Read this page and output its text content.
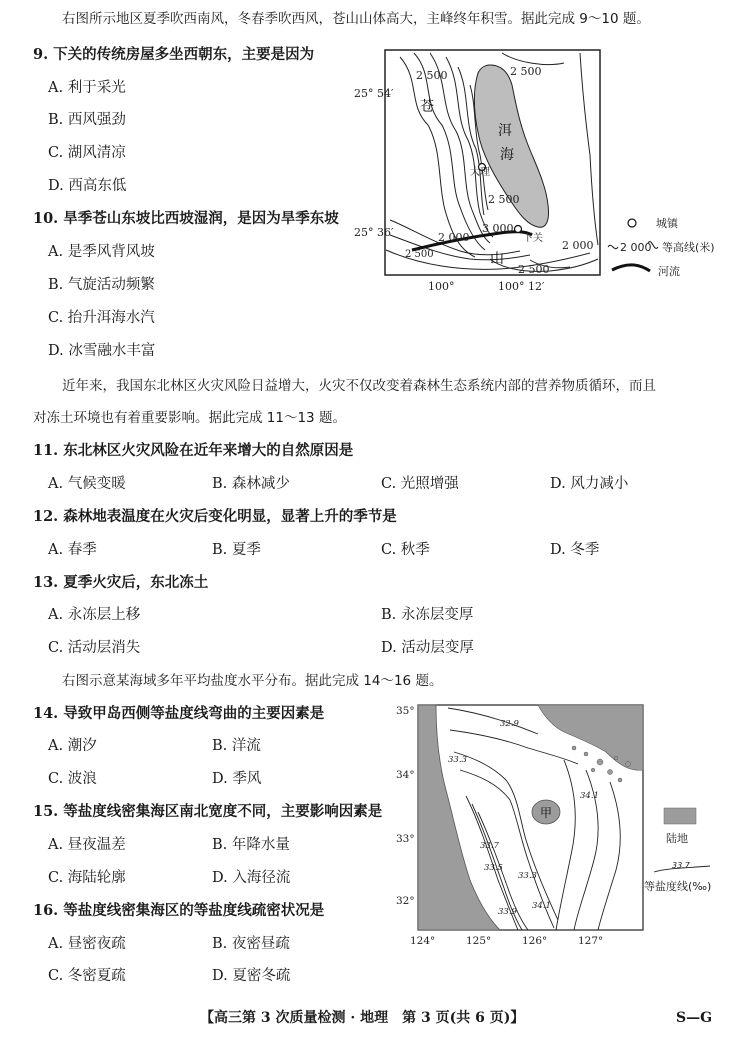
右图所示地区夏季吹西南风，冬春季吹西风，苍山山体高大，主峰终年积雪。据此完成 9～10 题。
9. 下关的传统房屋多坐西朝东，主要是因为
A. 利于采光
B. 西风强劲
C. 湖风清凉
D. 西高东低
10. 旱季苍山东坡比西坡湿润，是因为旱季东坡
A. 是季风背风坡
B. 气旋活动频繁
C. 抬升洱海水汽
D. 冰雪融水丰富
25° 54′
25° 36′
100°	100° 12′
2 500
2 500
2 500
2 000
3 000
2 000
2 500
大理
下关
2 500
洱
海
苍
山
城镇
2 000 等高线(米)
河流
近年来，我国东北林区火灾风险日益增大，火灾不仅改变着森林生态系统内部的营养物质循环，而且
对冻土环境也有着重要影响。据此完成 11～13 题。
11. 东北林区火灾风险在近年来增大的自然原因是
A. 气候变暖	B. 森林减少	C. 光照增强	D. 风力减小
12. 森林地表温度在火灾后变化明显，显著上升的季节是
A. 春季	B. 夏季	C. 秋季	D. 冬季
13. 夏季火灾后，东北冻土
A. 永冻层上移	B. 永冻层变厚
C. 活动层消失	D. 活动层变厚
右图示意某海域多年平均盐度水平分布。据此完成 14～16 题。
14. 导致甲岛西侧等盐度线弯曲的主要因素是
A. 潮汐	B. 洋流
C. 波浪	D. 季风
15. 等盐度线密集海区南北宽度不同，主要影响因素是
A. 昼夜温差	B. 年降水量
C. 海陆轮廓	D. 入海径流
16. 等盐度线密集海区的等盐度线疏密状况是
A. 昼密夜疏	B. 夜密昼疏
C. 冬密夏疏	D. 夏密冬疏
35°
34°
33°
32°
124°	125°	126°	127°
32.9
33.3
34.1
33.7
33.5
33.3
34.1
33.9
甲
陆地
33.7
等盐度线(‰)
【高三第 3 次质量检测 · 地理　第 3 页(共 6 页)】	S—G
